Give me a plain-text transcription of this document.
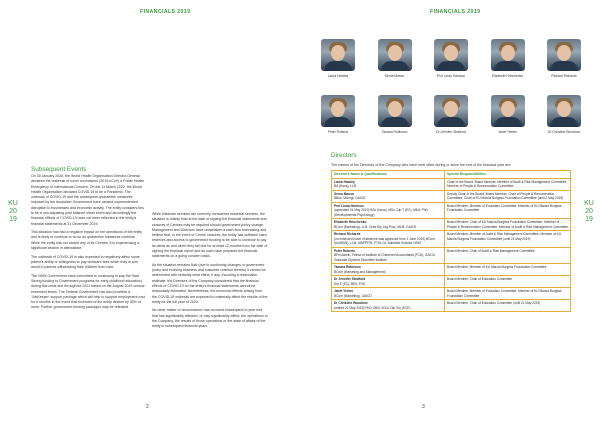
FINANCIALS 2019
KU
20
19
Subsequent Events

On 30 January 2020, the World Health Organisation Director-General declared the outbreak of novel coronavirus (2019-nCoV) a Public Health Emergency of International Concern. On the 11 March 2020, the World Health Organisation declared COVID-19 to be a Pandemic. The outbreak of COVID-19 and the subsequent quarantine measures imposed by the Australian Government have caused unprecedented disruption to businesses and economic activity. The entity considers this to be a non-adjusting post balance sheet event and accordingly the financial effects of COVID-19 have not been reflected in the entity's financial statements at 31 December 2019.

This situation has had a negative impact on the operations of the entity and is likely to continue to do so as quarantine measures continue. While the entity has not closed any of its Centres, it is experiencing a significant decline in attendance.

The outbreak of COVID-19 is also expected to negatively affect some parent's ability or willingness to pay childcare fees which may in turn result in parents withdrawing their children from care.

The NSW Government have committed to continuing to pay the Start Strong funding to Government programs for early childhood education) during this crisis and throughout 2021 based on the August 2019 census enrolment levels. The Federal Government has also provided a 'JobKeeper' support package which will help to support employment cost for 6 months in the event that revenues of the entity decline by 30% or more. Further government funding packages may be released.

While childcare services are currently considered essential services, the situation is mainly fluid at the date of signing the financial statements and closures of Centres may be required should government policy change. Management and Directors have undertaken a cash flow forecasting and believe that, in the event of Centre closures, the entity has sufficient cash reserves and access to government funding to be able to continue to pay its debts as and when they fall due for at least 12 months from the date of signing the financial report and as such have prepared the financial statements on a going concern basis.

As the situation remains fluid (due to continuing changes in government policy and evolving business and customer reaction thereto) it cannot be determined with certainty what effect, if any, including a reasonable estimate, the Directors of the Company considered that the financial effects of COVID-19 on the entity's financial statements cannot be reasonably estimated. Nevertheless, the economic effects arising from the COVID-19 outbreak are expected to materially affect the results of the entity for the full year of 2020.

No other matter or circumstance has occurred subsequent to year end that has significantly affected, or may significantly affect, the operations of the Company, the results of those operations or the state of affairs of the entity in subsequent financial years.

2
FINANCIALS 2019
KU
20
19
Laura Hastley	Serna Mason	Prof Linda Harrison	Elizabeth Hrinchenko	Richard Richards
Peter Roberts	Tamara Robinson	Dr Jennifer Stratford	Janet Yeeles	Dr Christine Woodrow
Directors
The names of the Directors of the Company who have held office during or since the end of the financial year are:
Director's Name & Qualifications	Special Responsibilities

Laura Hastley
BA (Hons), LLB	Chair of the Board, Board Member, Member of Audit & Risk Management Committee, Member of People & Remuneration Committee

Serna Mason
BBus, MAmgt, GAICD	Deputy Chair of the Board, Board Member, Chair of People & Remuneration Committee, Chair of KU Marcia Burgess Foundation Committee (until 2 May 2019)

Prof Linda Harrison
(appointed 21 May 2019) BSc (Hons), MSc, Dip T (EC), MEd, PhD (Developmental Psychology)	Board Member, Member of Education Committee, Member of KU Marcia Burgess Foundation Committee

Elizabeth Hrinchenko
BCom (Marketing), LLB, Grad Dip Leg Prac, MLM, GAICD	Board Member, Chair of KU Marcia Burgess Foundation Committee, Member of People & Remuneration Committee, Member of Audit & Risk Management Committee

Richard Richards
(on extended leave of absence was approved from 1 June 2019) BCom (UniNSW), LLM, MAPPFIN, FTIA CA, Admitted Solicitor NSW	Board Member, Member of Audit & Risk Management Committee, Member of KU Marcia Burgess Foundation Committee (until 21 May 2019)

Peter Roberts
BFin Admin, Fellow of Institute of Chartered Accountants (FCA), GAICD, Graduate Diploma Securities Institute	Board Member, Chair of Audit & Risk Management Committee

Tamara Robinson
BCom (Marketing and Management)	Board Member, Member of KU Marcia Burgess Foundation Committee

Dr Jennifer Stratford
Dip E (EC), BEd, PhD	Board Member, Chair of Education Committee

Janet Yeeles
BCom (Marketing), GAICD	Board Member, Member of Education Committee, Member of KU Marcia Burgess Foundation Committee

Dr Christine Woodrow
(retired 21 May 2019) PhD, MEd, B.Ed, Dip Tch (ECE)	Board Member, Chair of Education Committee (until 21 May 2019)
3
